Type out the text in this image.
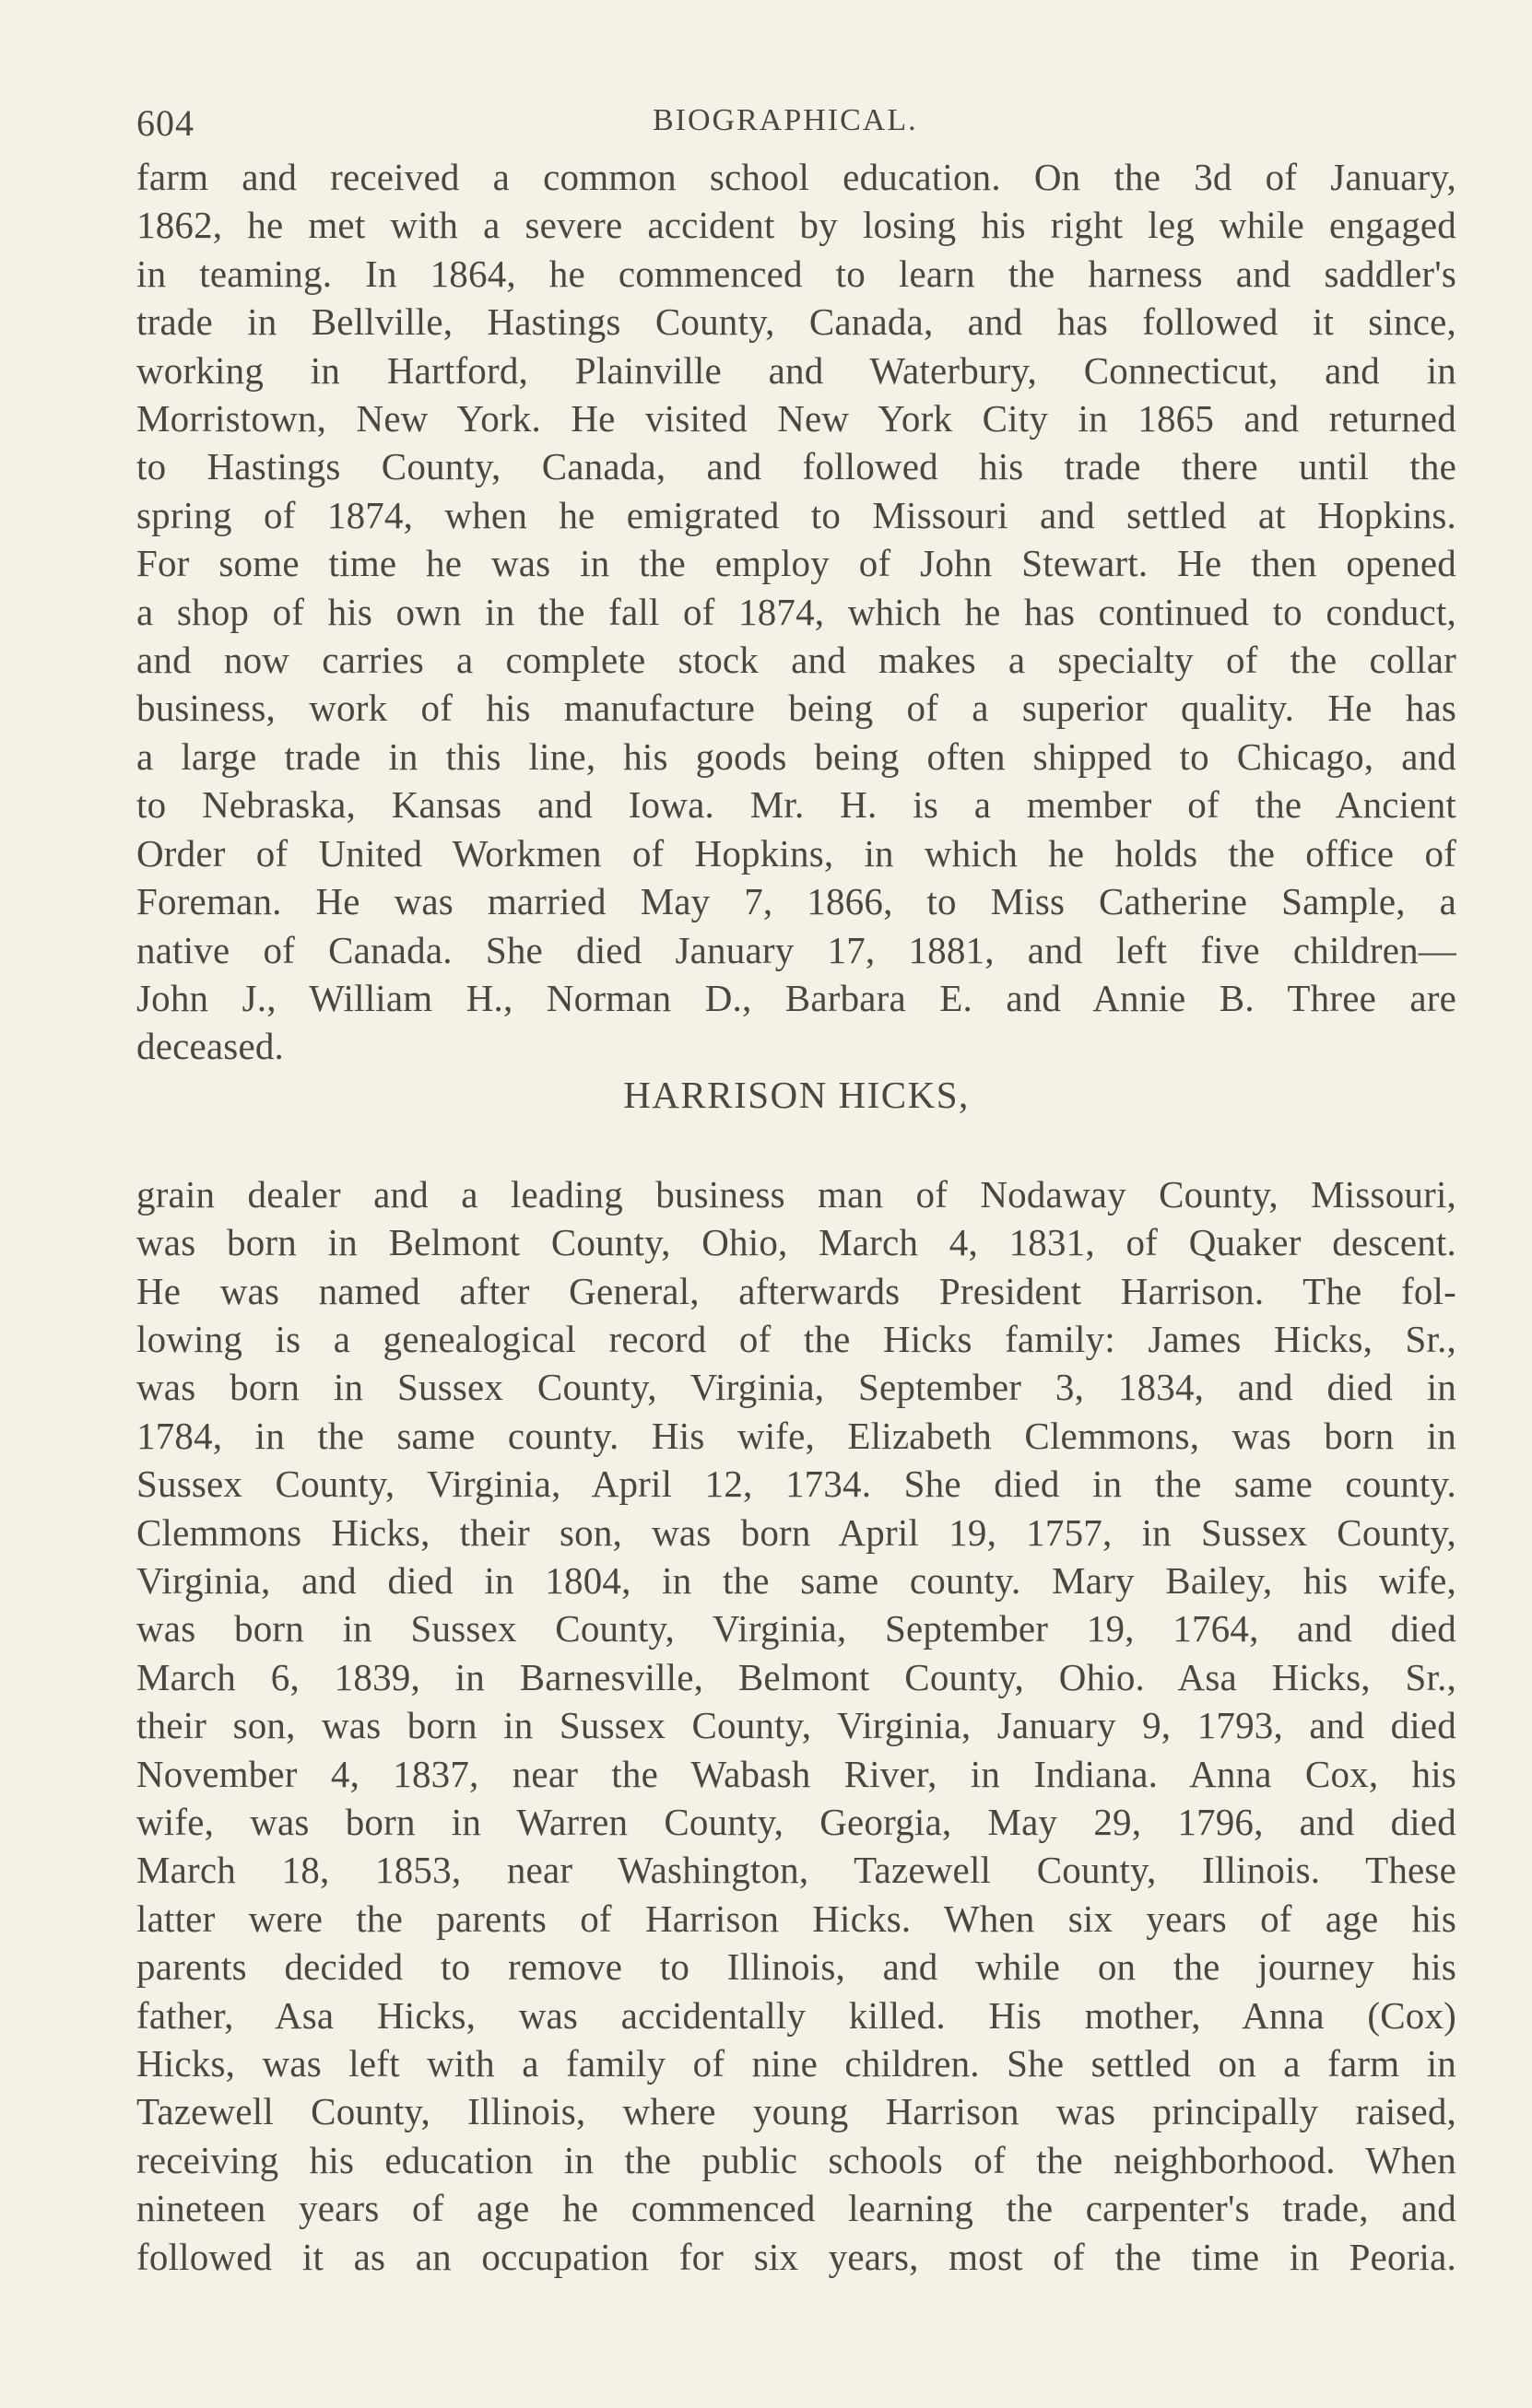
604	BIOGRAPHICAL.

farm and received a common school education. On the 3d of January,

1862, he met with a severe accident by losing his right leg while engaged

in teaming. In 1864, he commenced to learn the harness and saddler's

trade in Bellville, Hastings County, Canada, and has followed it since,

working in Hartford, Plainville and Waterbury, Connecticut, and in

Morristown, New York. He visited New York City in 1865 and returned

to Hastings County, Canada, and followed his trade there until the

spring of 1874, when he emigrated to Missouri and settled at Hopkins.

For some time he was in the employ of John Stewart. He then opened

a shop of his own in the fall of 1874, which he has continued to conduct,

and now carries a complete stock and makes a specialty of the collar

business, work of his manufacture being of a superior quality. He has

a large trade in this line, his goods being often shipped to Chicago, and

to Nebraska, Kansas and Iowa. Mr. H. is a member of the Ancient

Order of United Workmen of Hopkins, in which he holds the office of

Foreman. He was married May 7, 1866, to Miss Catherine Sample, a

native of Canada. She died January 17, 1881, and left five children—

John J., William H., Norman D., Barbara E. and Annie B. Three are

deceased.

HARRISON HICKS,

grain dealer and a leading business man of Nodaway County, Missouri,

was born in Belmont County, Ohio, March 4, 1831, of Quaker descent.

He was named after General, afterwards President Harrison. The fol-

lowing is a genealogical record of the Hicks family: James Hicks, Sr.,

was born in Sussex County, Virginia, September 3, 1834, and died in

1784, in the same county. His wife, Elizabeth Clemmons, was born in

Sussex County, Virginia, April 12, 1734. She died in the same county.

Clemmons Hicks, their son, was born April 19, 1757, in Sussex County,

Virginia, and died in 1804, in the same county. Mary Bailey, his wife,

was born in Sussex County, Virginia, September 19, 1764, and died

March 6, 1839, in Barnesville, Belmont County, Ohio. Asa Hicks, Sr.,

their son, was born in Sussex County, Virginia, January 9, 1793, and died

November 4, 1837, near the Wabash River, in Indiana. Anna Cox, his

wife, was born in Warren County, Georgia, May 29, 1796, and died

March 18, 1853, near Washington, Tazewell County, Illinois. These

latter were the parents of Harrison Hicks. When six years of age his

parents decided to remove to Illinois, and while on the journey his

father, Asa Hicks, was accidentally killed. His mother, Anna (Cox)

Hicks, was left with a family of nine children. She settled on a farm in

Tazewell County, Illinois, where young Harrison was principally raised,

receiving his education in the public schools of the neighborhood. When

nineteen years of age he commenced learning the carpenter's trade, and

followed it as an occupation for six years, most of the time in Peoria.
